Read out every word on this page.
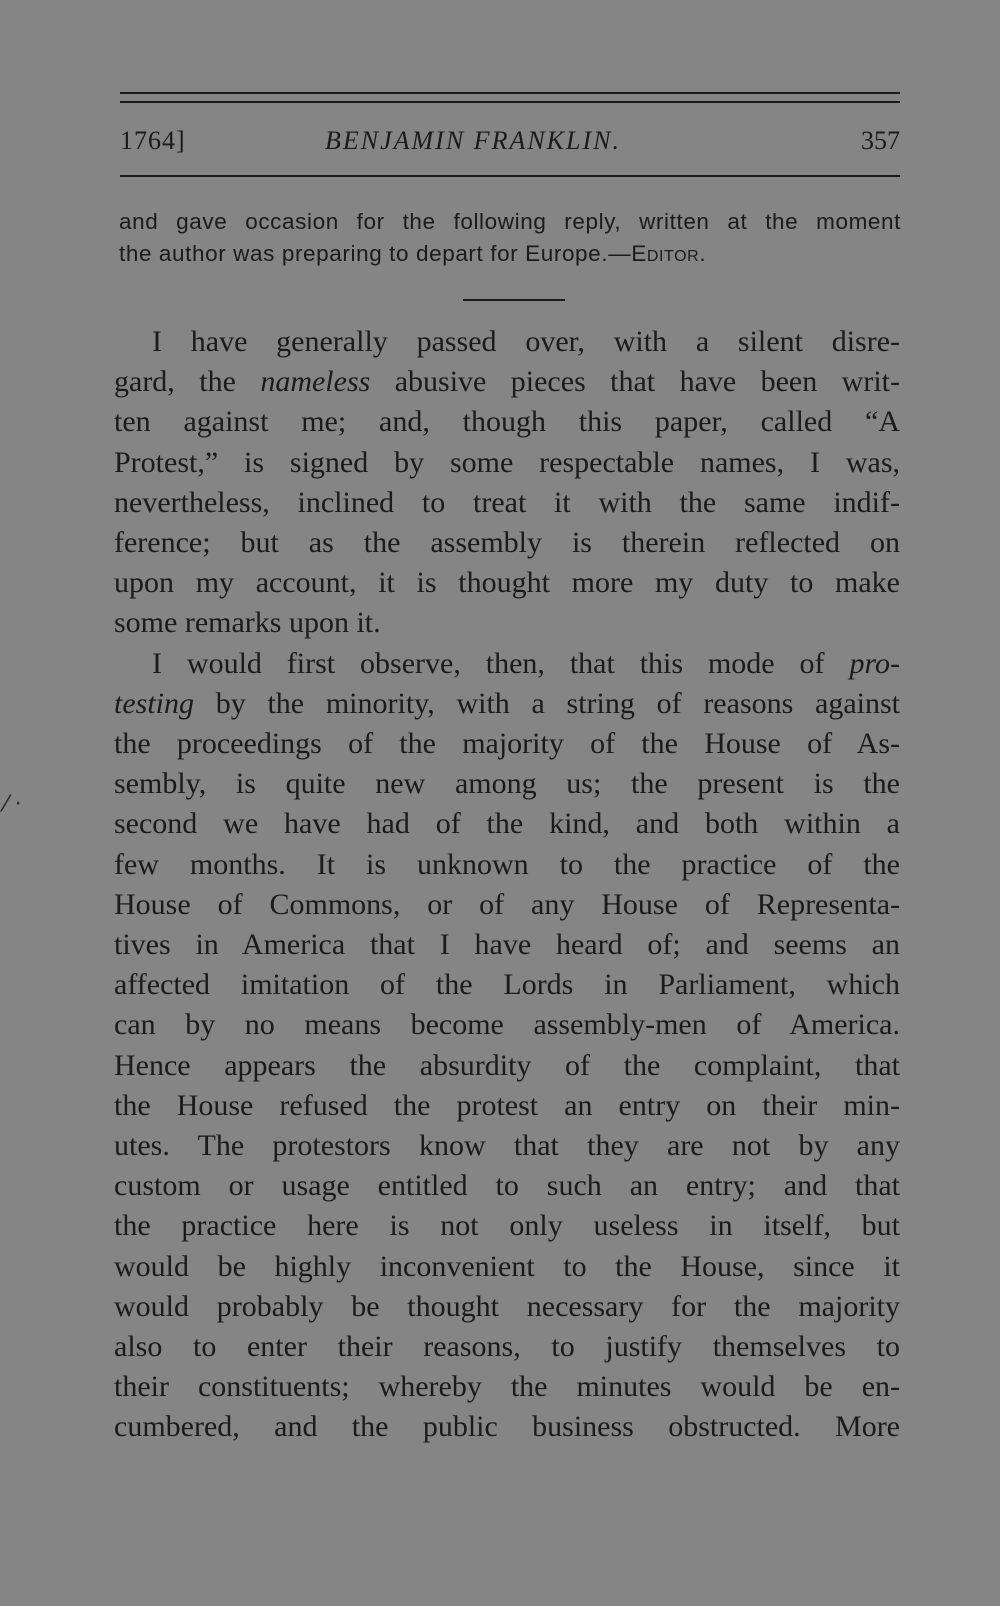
1764]	BENJAMIN FRANKLIN.	357
and gave occasion for the following reply, written at the moment
the author was preparing to depart for Europe.—Editor.
I have generally passed over, with a silent disre-
gard, the nameless abusive pieces that have been writ-
ten against me; and, though this paper, called “A
Protest,” is signed by some respectable names, I was,
nevertheless, inclined to treat it with the same indif-
ference; but as the assembly is therein reflected on
upon my account, it is thought more my duty to make
some remarks upon it.
I would first observe, then, that this mode of pro-
testing by the minority, with a string of reasons against
the proceedings of the majority of the House of As-
sembly, is quite new among us; the present is the
second we have had of the kind, and both within a
few months. It is unknown to the practice of the
House of Commons, or of any House of Representa-
tives in America that I have heard of; and seems an
affected imitation of the Lords in Parliament, which
can by no means become assembly-men of America.
Hence appears the absurdity of the complaint, that
the House refused the protest an entry on their min-
utes. The protestors know that they are not by any
custom or usage entitled to such an entry; and that
the practice here is not only useless in itself, but
would be highly inconvenient to the House, since it
would probably be thought necessary for the majority
also to enter their reasons, to justify themselves to
their constituents; whereby the minutes would be en-
cumbered, and the public business obstructed. More
⁄ ·
